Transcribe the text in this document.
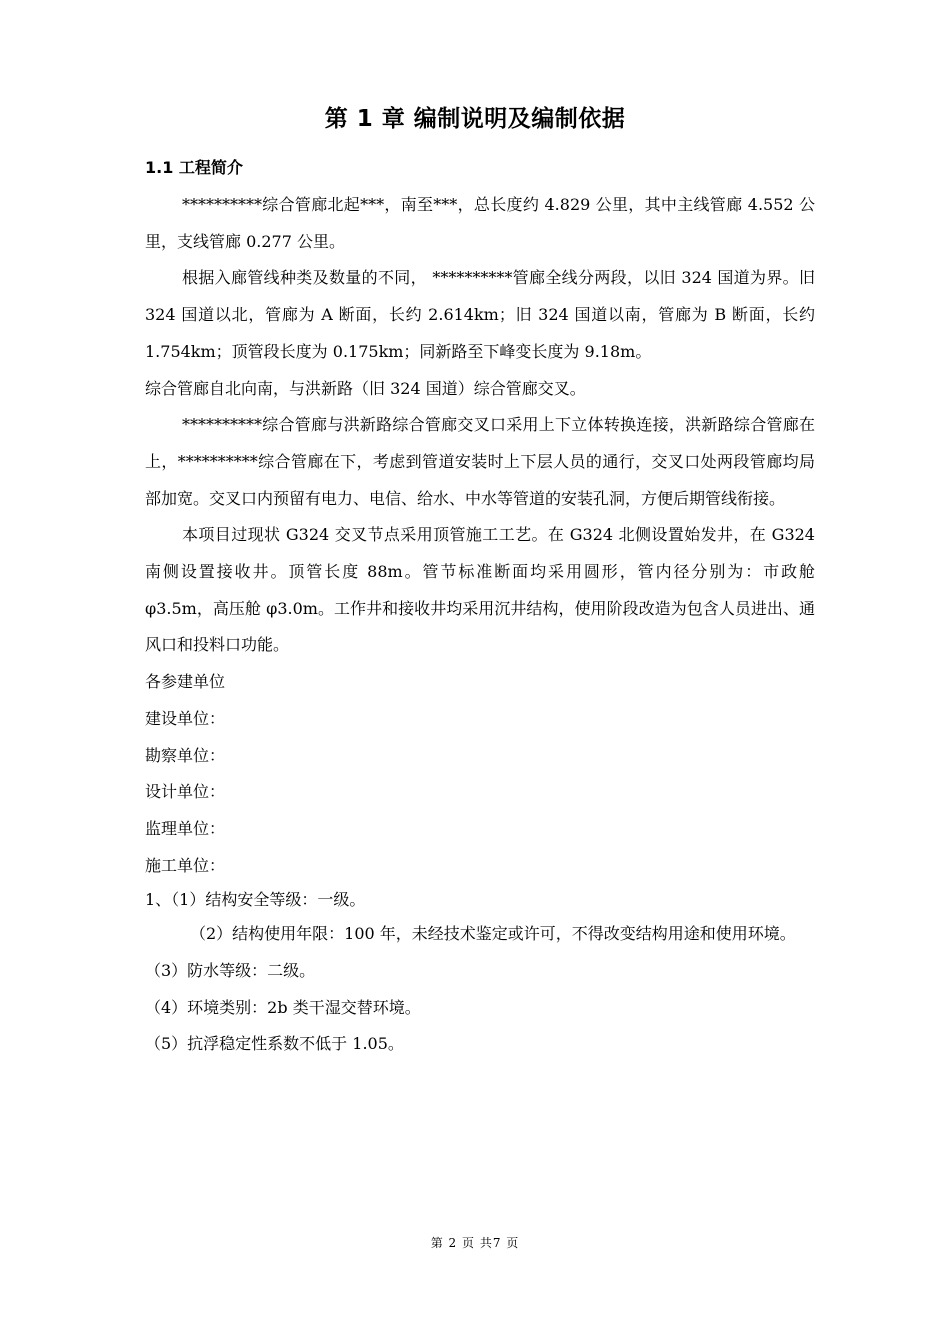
第 1 章 编制说明及编制依据
1.1 工程简介

**********综合管廊北起***，南至***，总长度约 4.829 公里，其中主线管廊 4.552 公里，支线管廊 0.277 公里。

根据入廊管线种类及数量的不同， **********管廊全线分两段，以旧 324 国道为界。旧 324 国道以北，管廊为 A 断面，长约 2.614km；旧 324 国道以南，管廊为 B 断面，长约 1.754km；顶管段长度为 0.175km；同新路至下峰变长度为 9.18m。

综合管廊自北向南，与洪新路（旧 324 国道）综合管廊交叉。

**********综合管廊与洪新路综合管廊交叉口采用上下立体转换连接，洪新路综合管廊在上，**********综合管廊在下，考虑到管道安装时上下层人员的通行，交叉口处两段管廊均局部加宽。交叉口内预留有电力、电信、给水、中水等管道的安装孔洞，方便后期管线衔接。

本项目过现状 G324 交叉节点采用顶管施工工艺。在 G324 北侧设置始发井，在 G324 南侧设置接收井。顶管长度 88m。管节标准断面均采用圆形，管内径分别为：市政舱 φ3.5m，高压舱 φ3.0m。工作井和接收井均采用沉井结构，使用阶段改造为包含人员进出、通风口和投料口功能。

各参建单位

建设单位：

勘察单位：

设计单位：

监理单位：

施工单位：

1、（1）结构安全等级：一级。

（2）结构使用年限：100 年，未经技术鉴定或许可，不得改变结构用途和使用环境。

（3）防水等级：二级。

（4）环境类别：2b 类干湿交替环境。

（5）抗浮稳定性系数不低于 1.05。

第 2 页 共7 页
